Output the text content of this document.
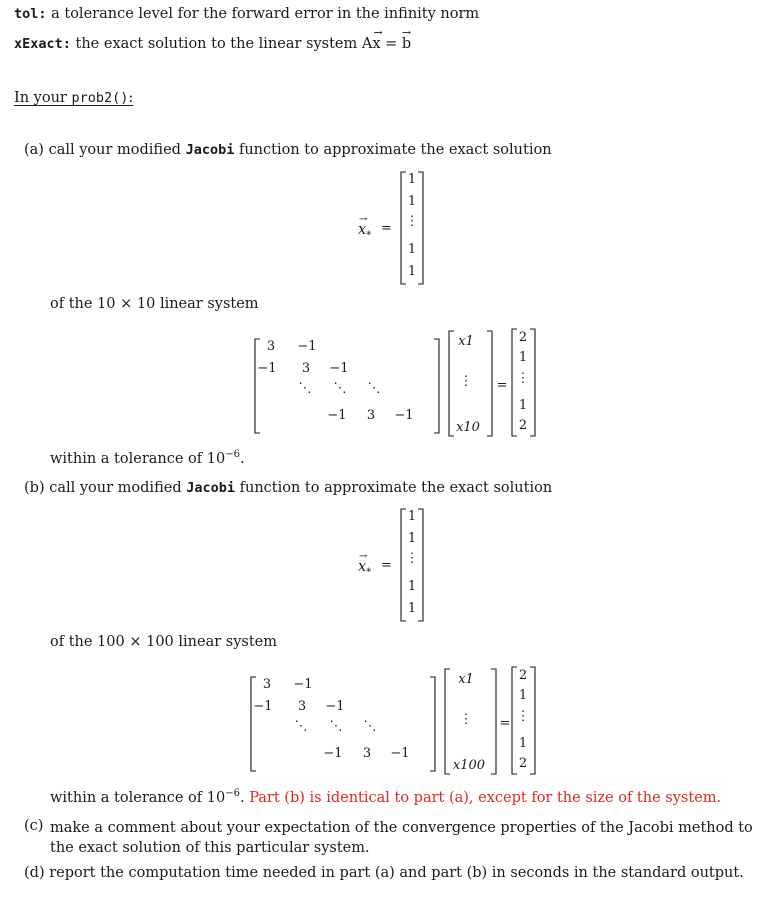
tol: a tolerance level for the forward error in the infinity norm
xExact: the exact solution to the linear system A
→
x =
→
b
In your prob2():
(a) call your modified Jacobi function to approximate the exact solution
→
$x_*$ =
1
1
⋮
1
1
of the 10 × 10 linear system
3	−1
−1	3	−1
⋱	⋱	⋱
−1	3	−1
x1
⋮
x10
=
2
1
⋮
1
2
within a tolerance of $10^{-6}$.
(b) call your modified Jacobi function to approximate the exact solution
→
$x_*$ =
1
1
⋮
1
1
of the 100 × 100 linear system
3	−1
−1	3	−1
⋱	⋱	⋱
−1	3	−1
x1
⋮
x100
=
2
1
⋮
1
2
within a tolerance of $10^{-6}$. Part (b) is identical to part (a), except for the size of the system.
(c) make a comment about your expectation of the convergence properties of the Jacobi method to the exact solution of this particular system.
(d) report the computation time needed in part (a) and part (b) in seconds in the standard output.
